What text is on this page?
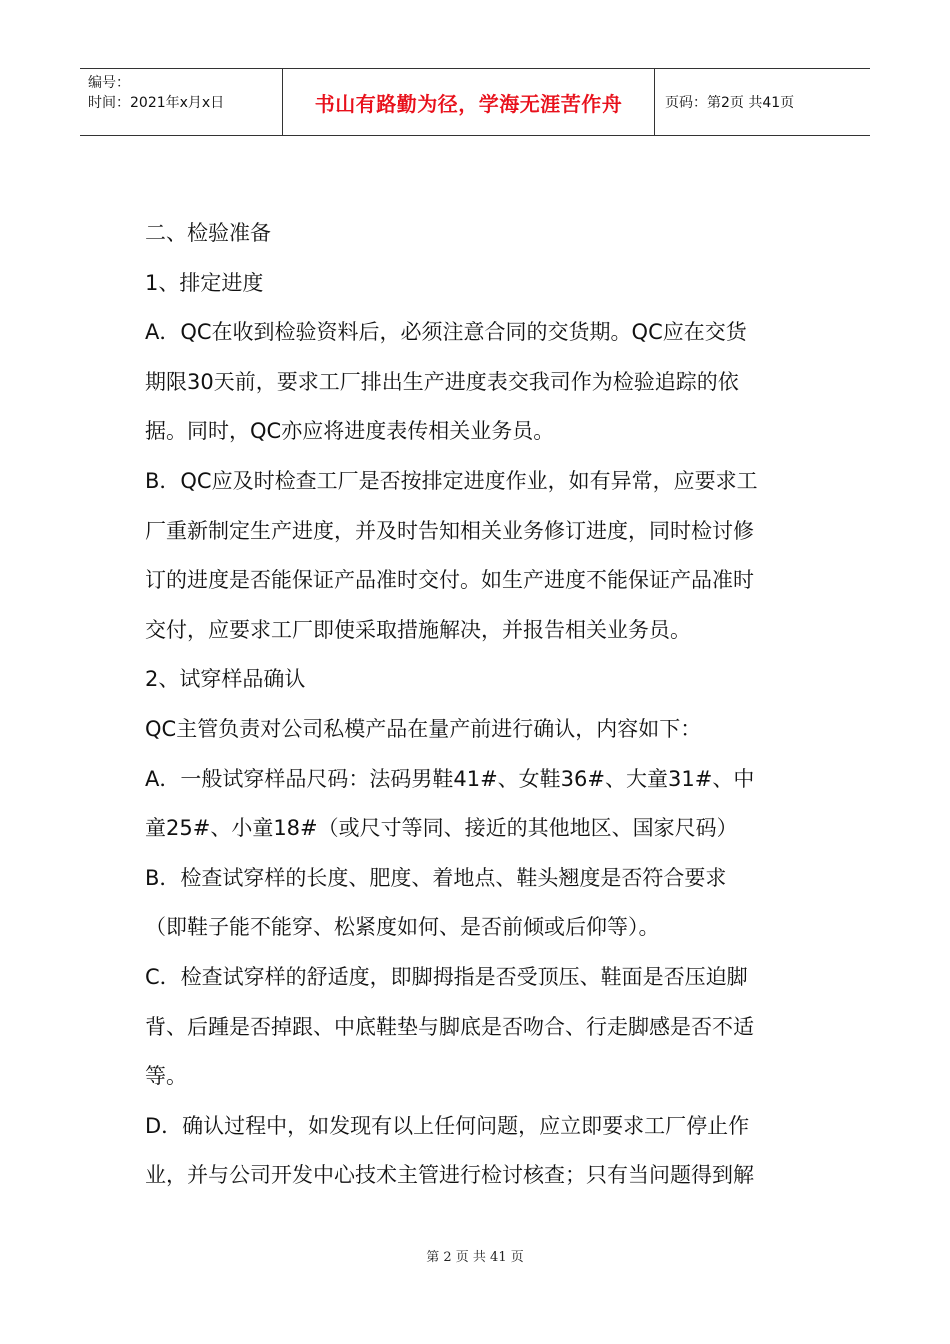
编号：
时间：2021年x月x日	书山有路勤为径，学海无涯苦作舟	页码：第2页 共41页

二、检验准备

1、排定进度

A．QC在收到检验资料后，必须注意合同的交货期。QC应在交货

期限30天前，要求工厂排出生产进度表交我司作为检验追踪的依

据。同时，QC亦应将进度表传相关业务员。

B．QC应及时检查工厂是否按排定进度作业，如有异常，应要求工

厂重新制定生产进度，并及时告知相关业务修订进度，同时检讨修

订的进度是否能保证产品准时交付。如生产进度不能保证产品准时

交付，应要求工厂即使采取措施解决，并报告相关业务员。

2、试穿样品确认

QC主管负责对公司私模产品在量产前进行确认，内容如下：

A．一般试穿样品尺码：法码男鞋41#、女鞋36#、大童31#、中

童25#、小童18#（或尺寸等同、接近的其他地区、国家尺码）

B．检查试穿样的长度、肥度、着地点、鞋头翘度是否符合要求

（即鞋子能不能穿、松紧度如何、是否前倾或后仰等）。

C．检查试穿样的舒适度，即脚拇指是否受顶压、鞋面是否压迫脚

背、后踵是否掉跟、中底鞋垫与脚底是否吻合、行走脚感是否不适

等。

D．确认过程中，如发现有以上任何问题，应立即要求工厂停止作

业，并与公司开发中心技术主管进行检讨核查；只有当问题得到解

第 2 页 共 41 页
